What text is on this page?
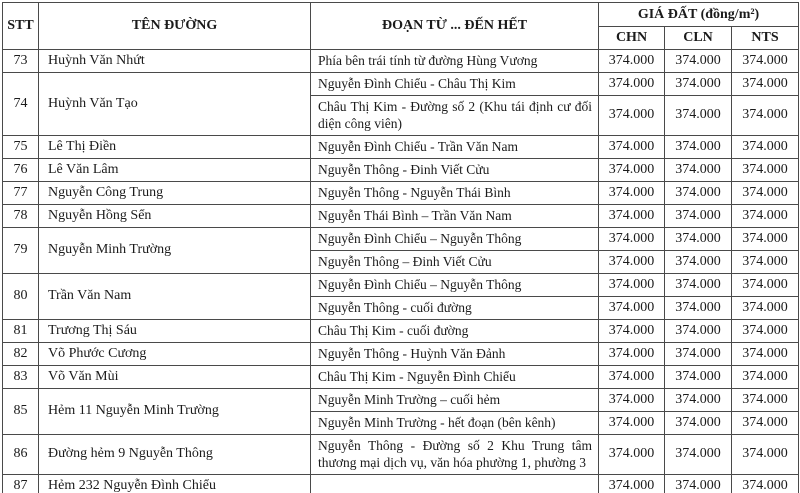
STT	TÊN ĐƯỜNG	ĐOẠN TỪ ... ĐẾN HẾT	GIÁ ĐẤT (đồng/m²)		
			CHN	CLN	NTS
73	Huỳnh Văn Nhứt	Phía bên trái tính từ đường Hùng Vương	374.000	374.000	374.000
74	Huỳnh Văn Tạo	Nguyễn Đình Chiểu - Châu Thị Kim	374.000	374.000	374.000
		Châu Thị Kim - Đường số 2 (Khu tái định cư đối diện công viên)	374.000	374.000	374.000
75	Lê Thị Điền	Nguyễn Đình Chiểu - Trần Văn Nam	374.000	374.000	374.000
76	Lê Văn Lâm	Nguyễn Thông - Đinh Viết Cửu	374.000	374.000	374.000
77	Nguyễn Công Trung	Nguyễn Thông - Nguyễn Thái Bình	374.000	374.000	374.000
78	Nguyễn Hồng Sển	Nguyễn Thái Bình – Trần Văn Nam	374.000	374.000	374.000
79	Nguyễn Minh Trường	Nguyễn Đình Chiểu – Nguyễn Thông	374.000	374.000	374.000
		Nguyễn Thông – Đinh Viết Cửu	374.000	374.000	374.000
80	Trần Văn Nam	Nguyễn Đình Chiểu – Nguyễn Thông	374.000	374.000	374.000
		Nguyễn Thông - cuối đường	374.000	374.000	374.000
81	Trương Thị Sáu	Châu Thị Kim - cuối đường	374.000	374.000	374.000
82	Võ Phước Cương	Nguyễn Thông - Huỳnh Văn Đảnh	374.000	374.000	374.000
83	Võ Văn Mùi	Châu Thị Kim - Nguyễn Đình Chiểu	374.000	374.000	374.000
85	Hẻm 11 Nguyễn Minh Trường	Nguyễn Minh Trường – cuối hẻm	374.000	374.000	374.000
		Nguyễn Minh Trường - hết đoạn (bên kênh)	374.000	374.000	374.000
86	Đường hẻm 9 Nguyễn Thông	Nguyễn Thông - Đường số 2 Khu Trung tâm thương mại dịch vụ, văn hóa phường 1, phường 3	374.000	374.000	374.000
87	Hẻm 232 Nguyễn Đình Chiểu		374.000	374.000	374.000
